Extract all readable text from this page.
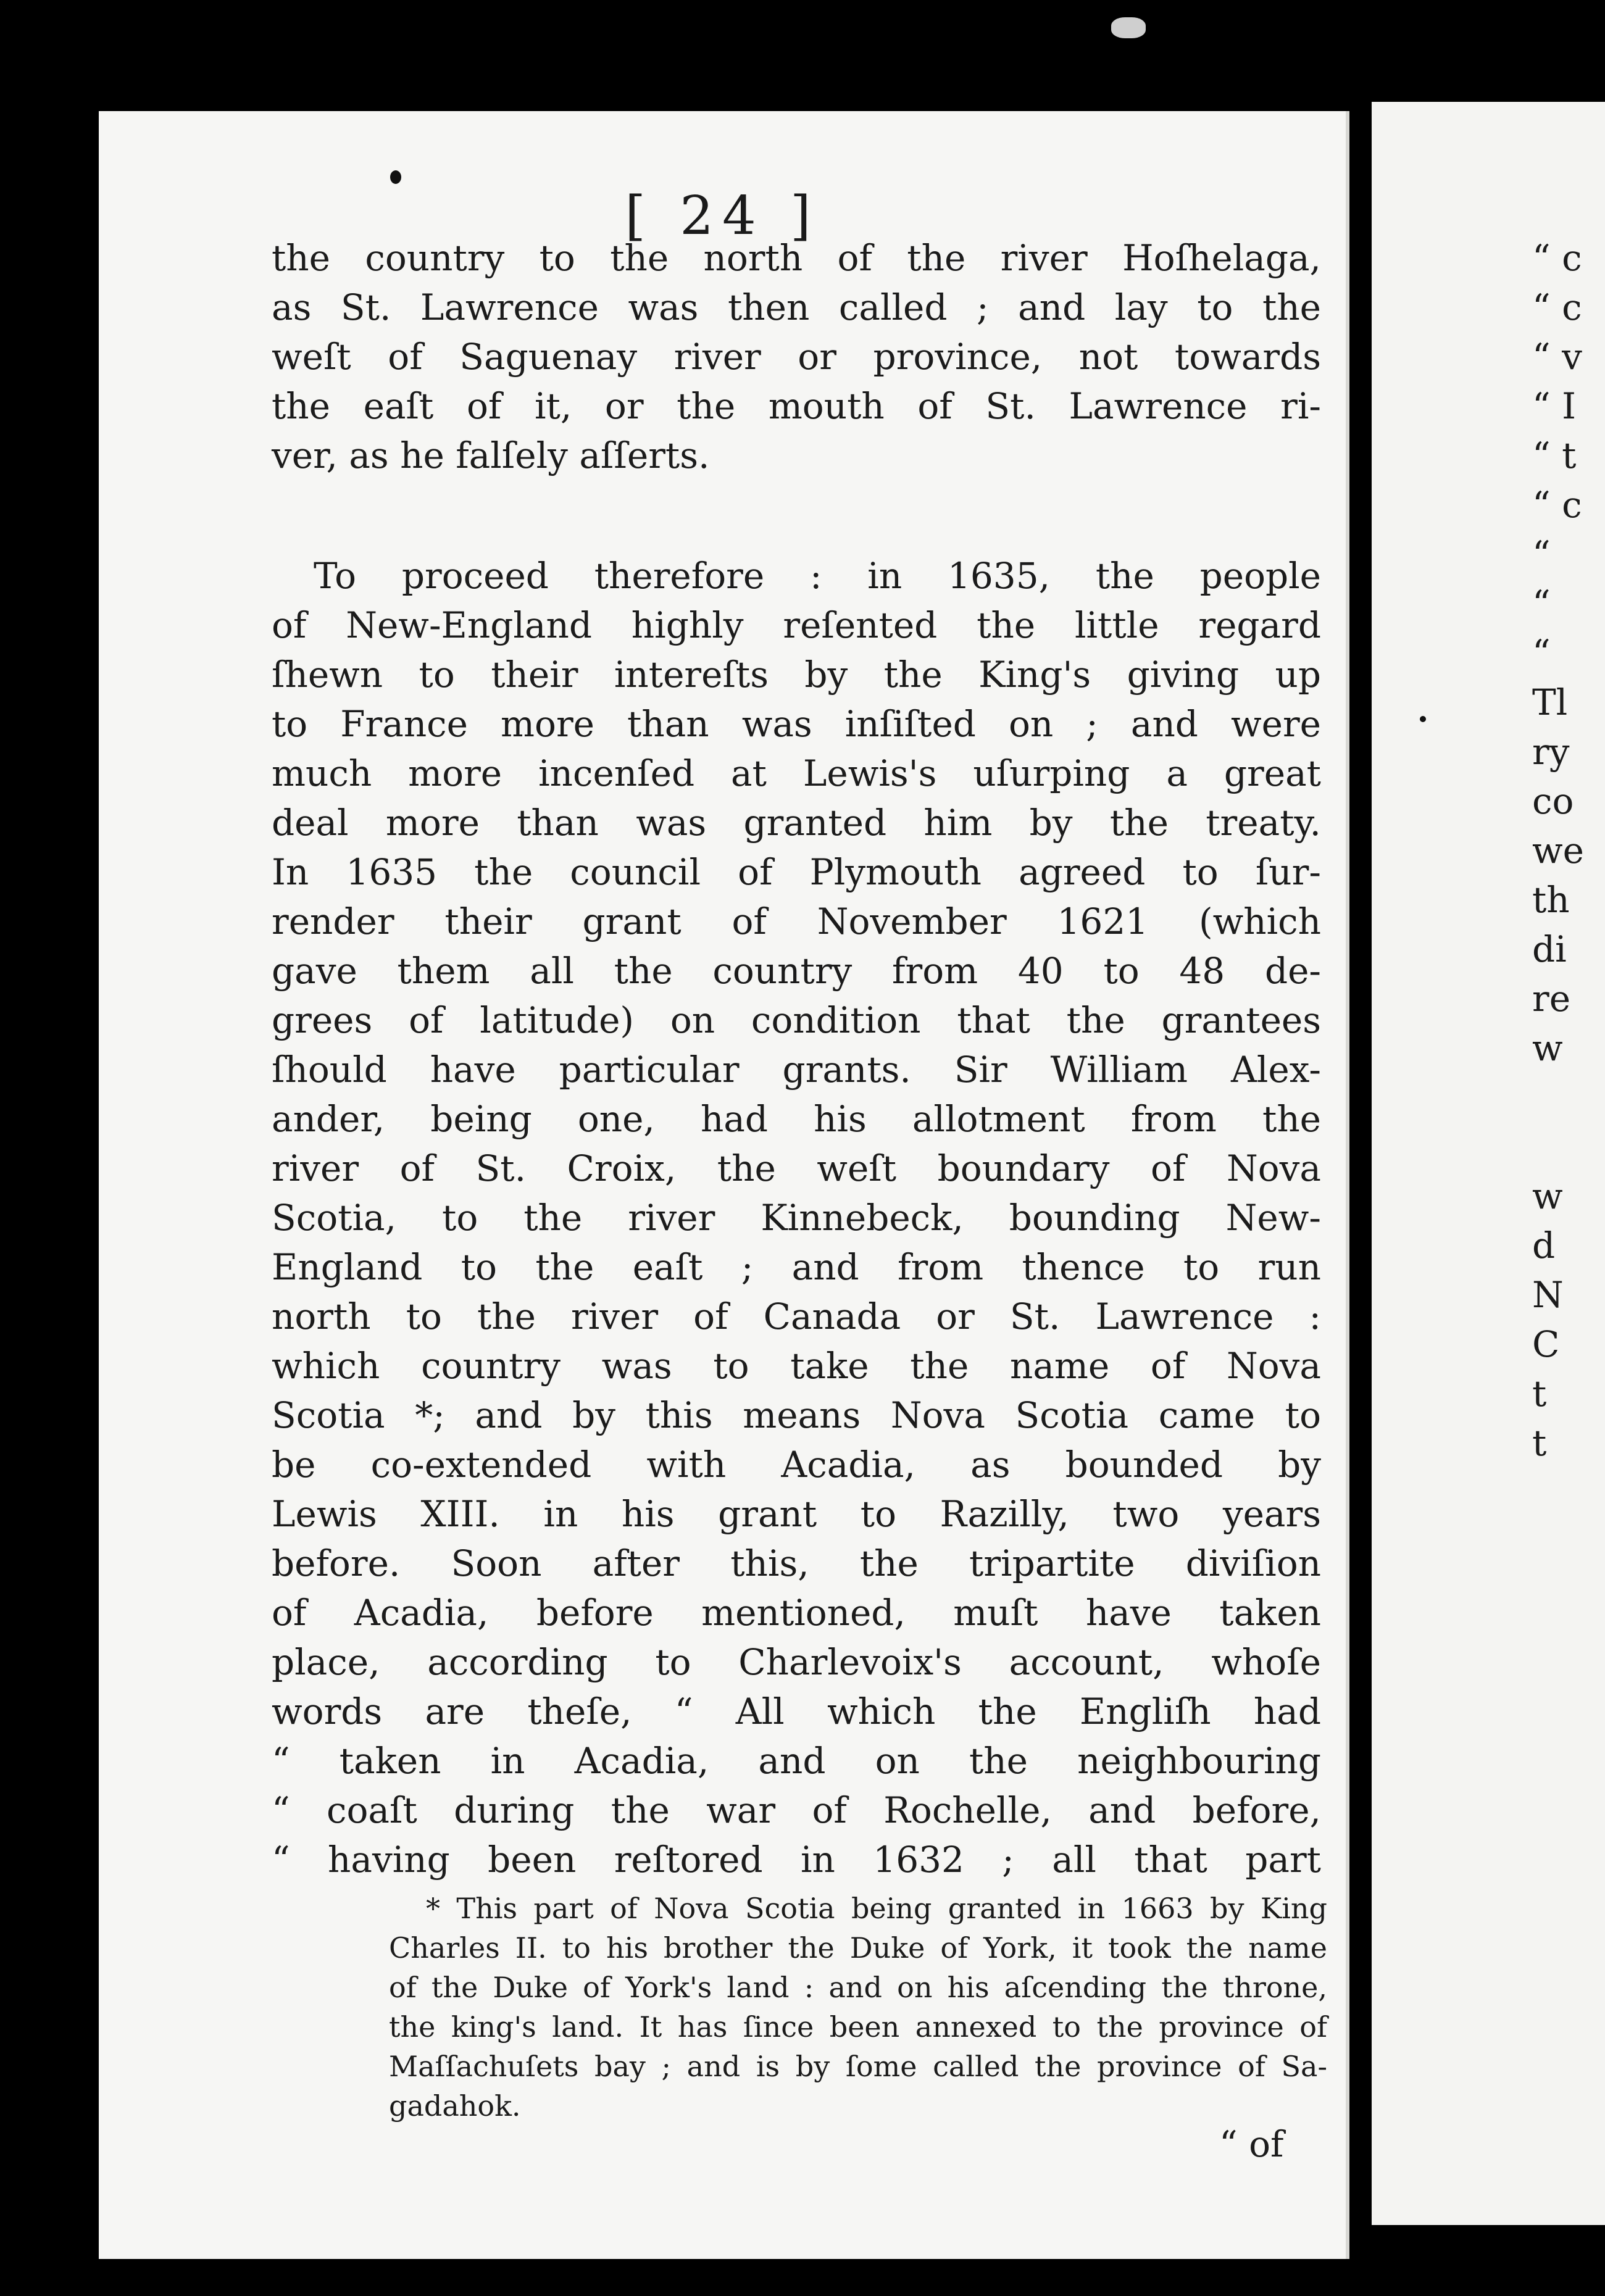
[ 24 ]
the country to the north of the river Hoſhelaga,
as St. Lawrence was then called ; and lay to the
weſt of Saguenay river or province, not towards
the eaſt of it, or the mouth of St. Lawrence ri-
ver, as he falſely aſſerts.
To proceed therefore : in 1635, the people
of New-England highly reſented the little regard
ſhewn to their intereſts by the King's giving up
to France more than was inſiſted on ; and were
much more incenſed at Lewis's uſurping a great
deal more than was granted him by the treaty.
In 1635 the council of Plymouth agreed to ſur-
render their grant of November 1621 (which
gave them all the country from 40 to 48 de-
grees of latitude) on condition that the grantees
ſhould have particular grants. Sir William Alex-
ander, being one, had his allotment from the
river of St. Croix, the weſt boundary of Nova
Scotia, to the river Kinnebeck, bounding New-
England to the eaſt ; and from thence to run
north to the river of Canada or St. Lawrence :
which country was to take the name of Nova
Scotia *; and by this means Nova Scotia came to
be co-extended with Acadia, as bounded by
Lewis XIII. in his grant to Razilly, two years
before. Soon after this, the tripartite diviſion
of Acadia, before mentioned, muſt have taken
place, according to Charlevoix's account, whoſe
words are theſe, “ All which the Engliſh had
“ taken in Acadia, and on the neighbouring
“ coaſt during the war of Rochelle, and before,
“ having been reſtored in 1632 ; all that part
* This part of Nova Scotia being granted in 1663 by King
Charles II. to his brother the Duke of York, it took the name
of the Duke of York's land : and on his aſcending the throne,
the king's land. It has ſince been annexed to the province of
Maſſachuſets bay ; and is by ſome called the province of Sa-
gadahok.
“ of
“ c
“ c
“ v
“ I
“ t
“ c
“
“
“
Tl
ry
co
we
th
di
re
w
w
d
N
C
t
t
